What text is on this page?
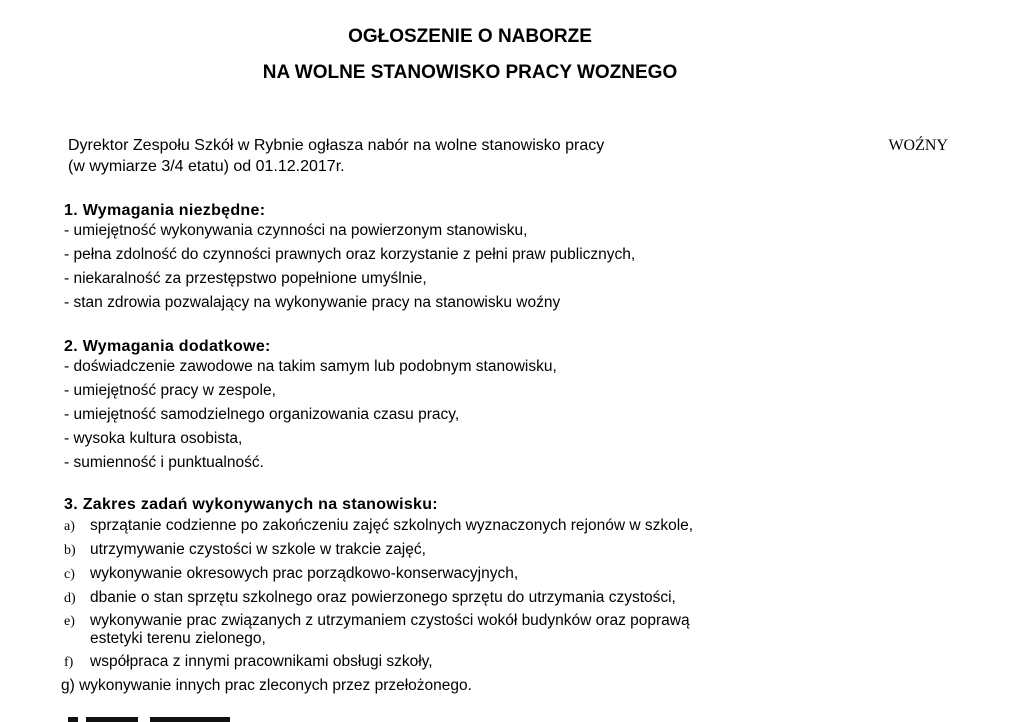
OGŁOSZENIE O NABORZE
NA WOLNE STANOWISKO PRACY WOZNEGO
Dyrektor Zespołu Szkół w Rybnie ogłasza nabór na wolne stanowisko pracy	WOŹNY
(w wymiarze 3/4 etatu) od 01.12.2017r.
1. Wymagania niezbędne:
- umiejętność wykonywania czynności na powierzonym stanowisku,
- pełna zdolność do czynności prawnych oraz korzystanie z pełni praw publicznych,
- niekaralność za przestępstwo popełnione umyślnie,
- stan zdrowia pozwalający na wykonywanie pracy na stanowisku woźny
2. Wymagania dodatkowe:
- doświadczenie zawodowe na takim samym lub podobnym stanowisku,
- umiejętność pracy w zespole,
- umiejętność samodzielnego organizowania czasu pracy,
- wysoka kultura osobista,
- sumienność i punktualność.
3. Zakres zadań wykonywanych na stanowisku:
a) sprzątanie codzienne po zakończeniu zajęć szkolnych wyznaczonych rejonów w szkole,
b) utrzymywanie czystości w szkole w trakcie zajęć,
c) wykonywanie okresowych prac porządkowo-konserwacyjnych,
d) dbanie o stan sprzętu szkolnego oraz powierzonego sprzętu do utrzymania czystości,
e) wykonywanie prac związanych z utrzymaniem czystości wokół budynków oraz poprawą
estetyki terenu zielonego,
f) współpraca z innymi pracownikami obsługi szkoły,
g) wykonywanie innych prac zleconych przez przełożonego.
